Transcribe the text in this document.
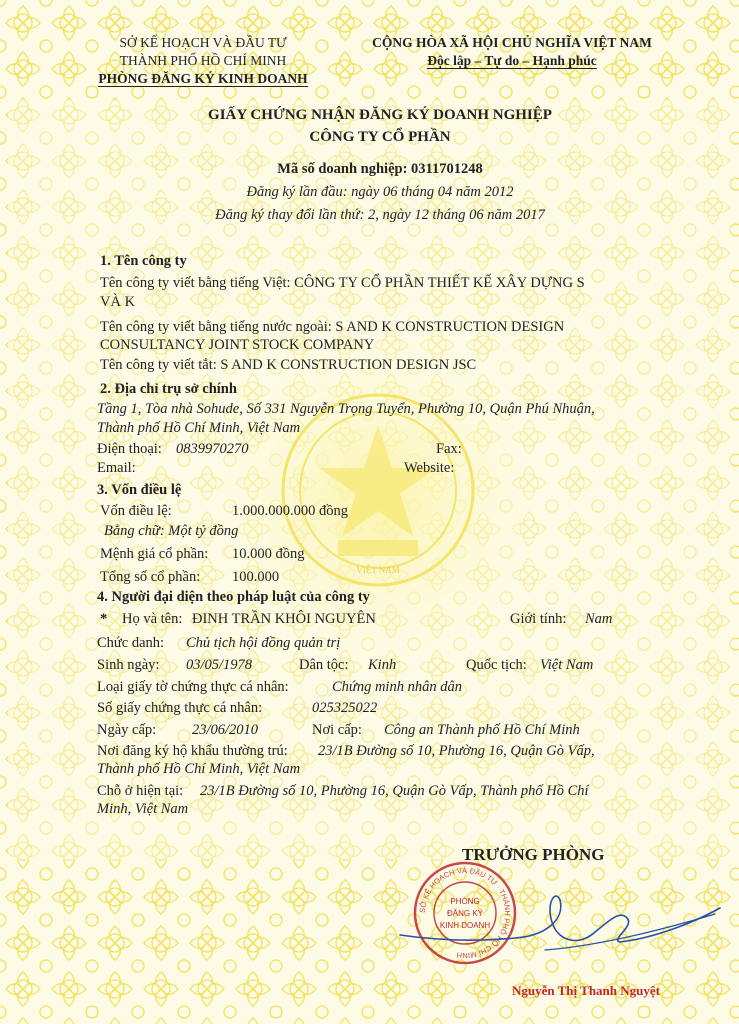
VIỆT NAM
SỞ KẾ HOẠCH VÀ ĐẦU TƯ
THÀNH PHỐ HỒ CHÍ MINH
PHÒNG ĐĂNG KÝ KINH DOANH
CỘNG HÒA XÃ HỘI CHỦ NGHĨA VIỆT NAM
Độc lập – Tự do – Hạnh phúc
GIẤY CHỨNG NHẬN ĐĂNG KÝ DOANH NGHIỆP
CÔNG TY CỔ PHẦN
Mã số doanh nghiệp: 0311701248
Đăng ký lần đầu: ngày 06 tháng 04 năm 2012
Đăng ký thay đổi lần thứ: 2, ngày 12 tháng 06 năm 2017
1. Tên công ty
Tên công ty viết bằng tiếng Việt: CÔNG TY CỔ PHẦN THIẾT KẾ XÂY DỰNG S
VÀ K
Tên công ty viết bằng tiếng nước ngoài: S AND K CONSTRUCTION DESIGN
CONSULTANCY JOINT STOCK COMPANY
Tên công ty viết tắt: S AND K CONSTRUCTION DESIGN JSC
2. Địa chỉ trụ sở chính
Tầng 1, Tòa nhà Sohude, Số 331 Nguyễn Trọng Tuyển, Phường 10, Quận Phú Nhuận,
Thành phố Hồ Chí Minh, Việt Nam
Điện thoại: 0839970270	Fax:
Email:	Website:
3. Vốn điều lệ
Vốn điều lệ:	1.000.000.000 đồng
Bằng chữ: Một tỷ đồng
Mệnh giá cổ phần: 10.000 đồng
Tổng số cổ phần: 100.000
4. Người đại diện theo pháp luật của công ty
* Họ và tên: ĐINH TRẦN KHÔI NGUYÊN	Giới tính: Nam
Chức danh: Chủ tịch hội đồng quản trị
Sinh ngày: 03/05/1978	Dân tộc: Kinh	Quốc tịch: Việt Nam
Loại giấy tờ chứng thực cá nhân:	Chứng minh nhân dân
Số giấy chứng thực cá nhân:	025325022
Ngày cấp: 23/06/2010	Nơi cấp: Công an Thành phố Hồ Chí Minh
Nơi đăng ký hộ khẩu thường trú: 23/1B Đường số 10, Phường 16, Quận Gò Vấp,
Thành phố Hồ Chí Minh, Việt Nam
Chỗ ở hiện tại: 23/1B Đường số 10, Phường 16, Quận Gò Vấp, Thành phố Hồ Chí
Minh, Việt Nam
TRƯỞNG PHÒNG
SỞ KẾ HOẠCH VÀ ĐẦU TƯ · THÀNH PHỐ HỒ CHÍ MINH
PHÒNG
ĐĂNG KÝ
KINH DOANH
Nguyễn Thị Thanh Nguyệt
